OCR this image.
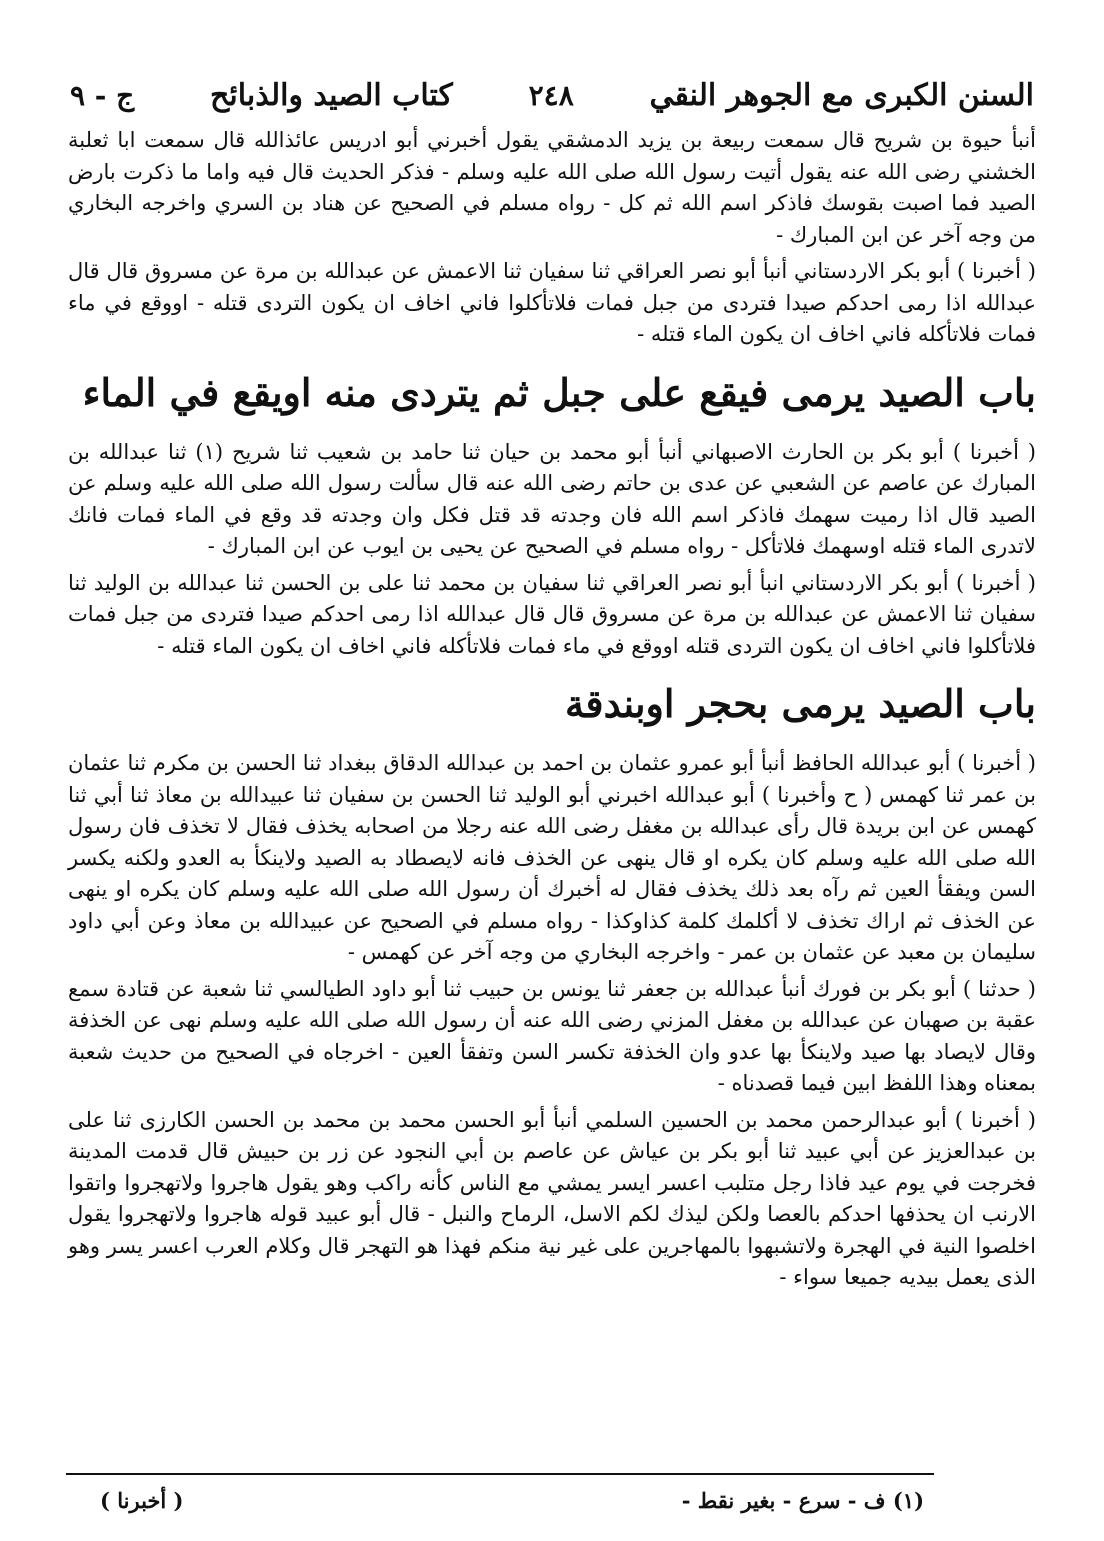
السنن الكبرى مع الجوهر النقي
٢٤٨
كتاب الصيد والذبائح
ج - ٩

أنبأ حيوة بن شريح قال سمعت ربيعة بن يزيد الدمشقي يقول أخبرني أبو ادريس عائذالله قال سمعت ابا ثعلبة الخشني رضى الله عنه يقول أتيت رسول الله صلى الله عليه وسلم - فذكر الحديث قال فيه واما ما ذكرت بارض الصيد فما اصبت بقوسك فاذكر اسم الله ثم كل - رواه مسلم في الصحيح عن هناد بن السري واخرجه البخاري من وجه آخر عن ابن المبارك -

( أخبرنا ) أبو بكر الاردستاني أنبأ أبو نصر العراقي ثنا سفيان ثنا الاعمش عن عبدالله بن مرة عن مسروق قال قال عبدالله اذا رمى احدكم صيدا فتردى من جبل فمات فلاتأكلوا فاني اخاف ان يكون التردى قتله - اووقع في ماء فمات فلاتأكله فاني اخاف ان يكون الماء قتله -

باب الصيد يرمى فيقع على جبل ثم يتردى منه اويقع في الماء

( أخبرنا ) أبو بكر بن الحارث الاصبهاني أنبأ أبو محمد بن حيان ثنا حامد بن شعيب ثنا شريح (١) ثنا عبدالله بن المبارك عن عاصم عن الشعبي عن عدى بن حاتم رضى الله عنه قال سألت رسول الله صلى الله عليه وسلم عن الصيد قال اذا رميت سهمك فاذكر اسم الله فان وجدته قد قتل فكل وان وجدته قد وقع في الماء فمات فانك لاتدرى الماء قتله اوسهمك فلاتأكل - رواه مسلم في الصحيح عن يحيى بن ايوب عن ابن المبارك -

( أخبرنا ) أبو بكر الاردستاني انبأ أبو نصر العراقي ثنا سفيان بن محمد ثنا على بن الحسن ثنا عبدالله بن الوليد ثنا سفيان ثنا الاعمش عن عبدالله بن مرة عن مسروق قال قال عبدالله اذا رمى احدكم صيدا فتردى من جبل فمات فلاتأكلوا فاني اخاف ان يكون التردى قتله اووقع في ماء فمات فلاتأكله فاني اخاف ان يكون الماء قتله -

باب الصيد يرمى بحجر اوبندقة

( أخبرنا ) أبو عبدالله الحافظ أنبأ أبو عمرو عثمان بن احمد بن عبدالله الدقاق ببغداد ثنا الحسن بن مكرم ثنا عثمان بن عمر ثنا كهمس ( ح وأخبرنا ) أبو عبدالله اخبرني أبو الوليد ثنا الحسن بن سفيان ثنا عبيدالله بن معاذ ثنا أبي ثنا كهمس عن ابن بريدة قال رأى عبدالله بن مغفل رضى الله عنه رجلا من اصحابه يخذف فقال لا تخذف فان رسول الله صلى الله عليه وسلم كان يكره او قال ينهى عن الخذف فانه لايصطاد به الصيد ولاينكأ به العدو ولكنه يكسر السن ويفقأ العين ثم رآه بعد ذلك يخذف فقال له أخبرك أن رسول الله صلى الله عليه وسلم كان يكره او ينهى عن الخذف ثم اراك تخذف لا أكلمك كلمة كذاوكذا - رواه مسلم في الصحيح عن عبيدالله بن معاذ وعن أبي داود سليمان بن معبد عن عثمان بن عمر - واخرجه البخاري من وجه آخر عن كهمس -

( حدثنا ) أبو بكر بن فورك أنبأ عبدالله بن جعفر ثنا يونس بن حبيب ثنا أبو داود الطيالسي ثنا شعبة عن قتادة سمع عقبة بن صهبان عن عبدالله بن مغفل المزني رضى الله عنه أن رسول الله صلى الله عليه وسلم نهى عن الخذفة وقال لايصاد بها صيد ولاينكأ بها عدو وان الخذفة تكسر السن وتفقأ العين - اخرجاه في الصحيح من حديث شعبة بمعناه وهذا اللفظ ابين فيما قصدناه -

( أخبرنا ) أبو عبدالرحمن محمد بن الحسين السلمي أنبأ أبو الحسن محمد بن محمد بن الحسن الكارزى ثنا على بن عبدالعزيز عن أبي عبيد ثنا أبو بكر بن عياش عن عاصم بن أبي النجود عن زر بن حبيش قال قدمت المدينة فخرجت في يوم عيد فاذا رجل متلبب اعسر ايسر يمشي مع الناس كأنه راكب وهو يقول هاجروا ولاتهجروا واتقوا الارنب ان يحذفها احدكم بالعصا ولكن ليذك لكم الاسل، الرماح والنبل - قال أبو عبيد قوله هاجروا ولاتهجروا يقول اخلصوا النية في الهجرة ولاتشبهوا بالمهاجرين على غير نية منكم فهذا هو التهجر قال وكلام العرب اعسر يسر وهو الذى يعمل بيديه جميعا سواء -

(١) ف - سرع - بغير نقط -
( أخبرنا )
